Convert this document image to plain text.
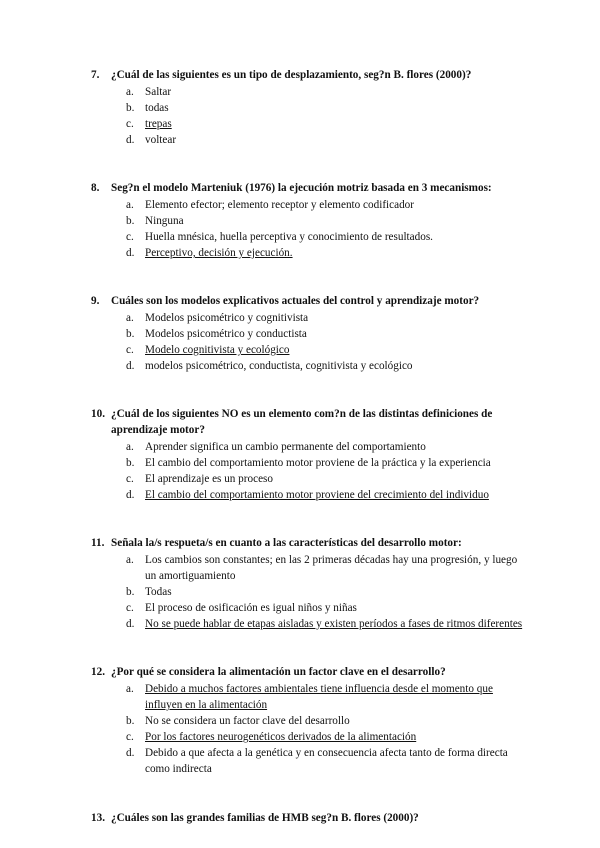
7.	¿Cuál de las siguientes es un tipo de desplazamiento, seg?n B. flores (2000)?
a.	Saltar
b. todas
c.	trepas
d. voltear
8.	Seg?n el modelo Marteniuk (1976) la ejecución motriz basada en 3 mecanismos:
a.	Elemento efector; elemento receptor y elemento codificador
b. Ninguna
c.	Huella mnésica, huella perceptiva y conocimiento de resultados.
d. Perceptivo, decisión y ejecución.
9.	Cuáles son los modelos explicativos actuales del control y aprendizaje motor?
a.	Modelos psicométrico y cognitivista
b. Modelos psicométrico y conductista
c.	Modelo cognitivista y ecológico
d. modelos psicométrico, conductista, cognitivista y ecológico
10. ¿Cuál de los siguientes NO es un elemento com?n de las distintas definiciones de aprendizaje motor?
a.	Aprender significa un cambio permanente del comportamiento
b. El cambio del comportamiento motor proviene de la práctica y la experiencia
c.	El aprendizaje es un proceso
d. El cambio del comportamiento motor proviene del crecimiento del individuo
11. Señala la/s respueta/s en cuanto a las características del desarrollo motor:
a.	Los cambios son constantes; en las 2 primeras décadas hay una progresión, y luego un amortiguamiento
b. Todas
c.	El proceso de osificación es igual niños y niñas
d. No se puede hablar de etapas aisladas y existen períodos a fases de ritmos diferentes
12. ¿Por qué se considera la alimentación un factor clave en el desarrollo?
a.	Debido a muchos factores ambientales tiene influencia desde el momento que influyen en la alimentación
b. No se considera un factor clave del desarrollo
c.	Por los factores neurogenéticos derivados de la alimentación
d. Debido a que afecta a la genética y en consecuencia afecta tanto de forma directa como indirecta
13. ¿Cuáles son las grandes familias de HMB seg?n B. flores (2000)?
